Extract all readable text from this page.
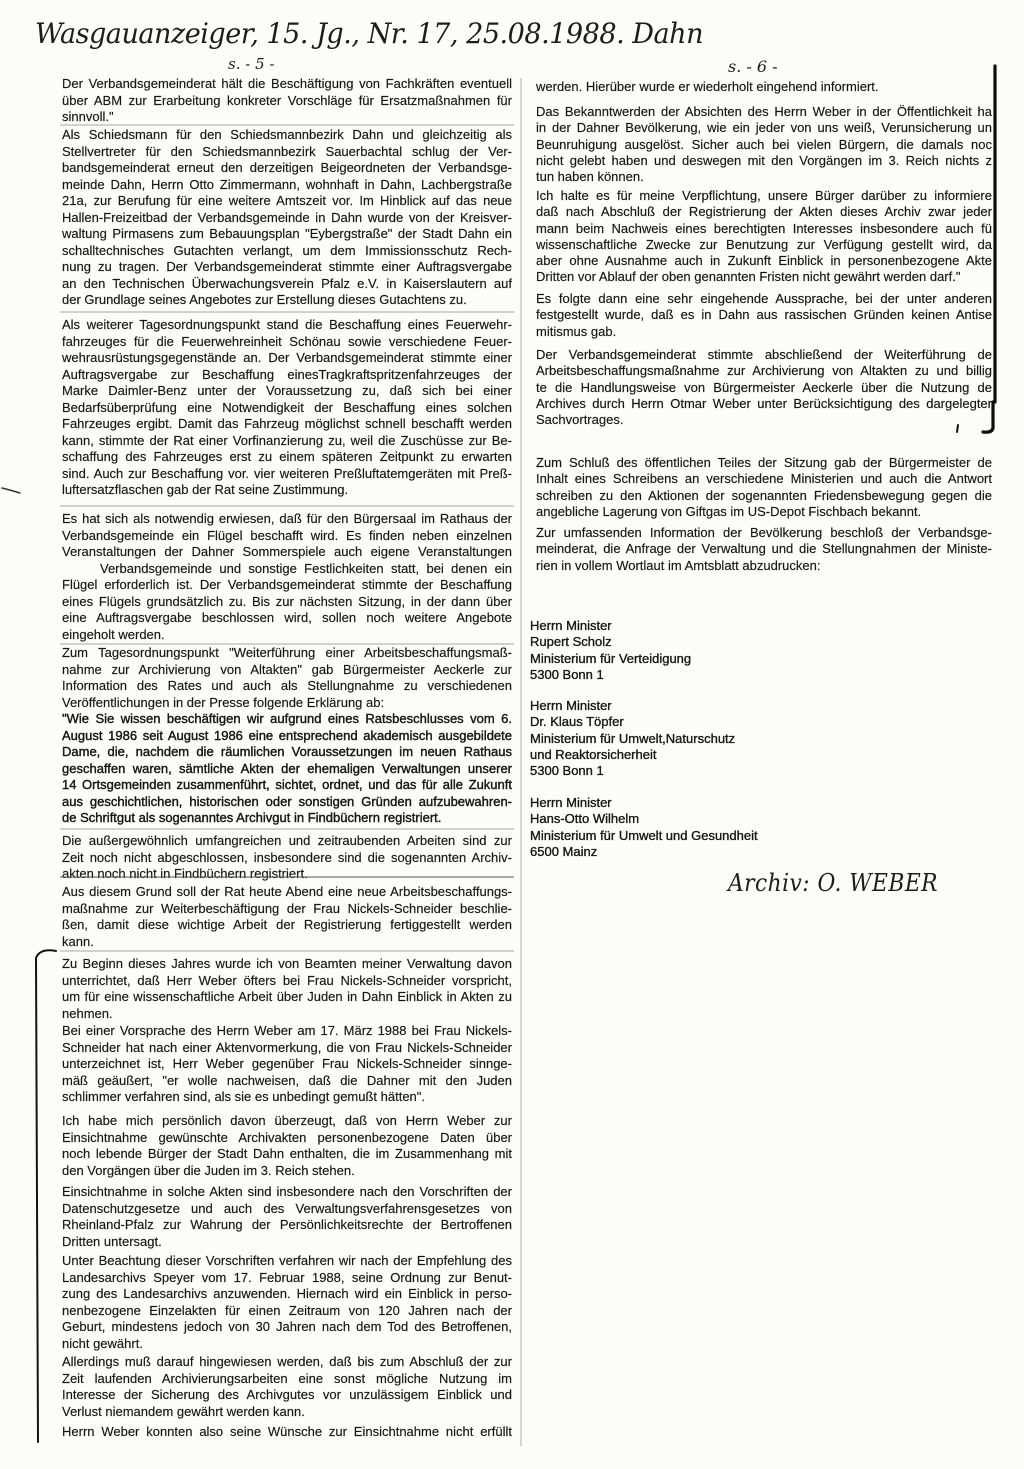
Wasgauanzeiger, 15. Jg., Nr. 17, 25.08.1988. Dahn
s. - 5 -	s. - 6 -
Der Verbandsgemeinderat hält die Beschäftigung von Fachkräften eventuell
über ABM zur Erarbeitung konkreter Vorschläge für Ersatzmaßnahmen für
sinnvoll."
Als Schiedsmann für den Schiedsmannbezirk Dahn und gleichzeitig als
Stellvertreter für den Schiedsmannbezirk Sauerbachtal schlug der Ver-
bandsgemeinderat erneut den derzeitigen Beigeordneten der Verbandsge-
meinde Dahn, Herrn Otto Zimmermann, wohnhaft in Dahn, Lachbergstraße
21a, zur Berufung für eine weitere Amtszeit vor. Im Hinblick auf das neue
Hallen-Freizeitbad der Verbandsgemeinde in Dahn wurde von der Kreisver-
waltung Pirmasens zum Bebauungsplan "Eybergstraße" der Stadt Dahn ein
schalltechnisches Gutachten verlangt, um dem Immissionsschutz Rech-
nung zu tragen. Der Verbandsgemeinderat stimmte einer Auftragsvergabe
an den Technischen Überwachungsverein Pfalz e.V. in Kaiserslautern auf
der Grundlage seines Angebotes zur Erstellung dieses Gutachtens zu.
Als weiterer Tagesordnungspunkt stand die Beschaffung eines Feuerwehr-
fahrzeuges für die Feuerwehreinheit Schönau sowie verschiedene Feuer-
wehrausrüstungsgegenstände an. Der Verbandsgemeinderat stimmte einer
Auftragsvergabe zur Beschaffung einesTragkraftspritzenfahrzeuges der
Marke Daimler-Benz unter der Voraussetzung zu, daß sich bei einer
Bedarfsüberprüfung eine Notwendigkeit der Beschaffung eines solchen
Fahrzeuges ergibt. Damit das Fahrzeug möglichst schnell beschafft werden
kann, stimmte der Rat einer Vorfinanzierung zu, weil die Zuschüsse zur Be-
schaffung des Fahrzeuges erst zu einem späteren Zeitpunkt zu erwarten
sind. Auch zur Beschaffung vor. vier weiteren Preßluftatemgeräten mit Preß-
luftersatzflaschen gab der Rat seine Zustimmung.
Es hat sich als notwendig erwiesen, daß für den Bürgersaal im Rathaus der
Verbandsgemeinde ein Flügel beschafft wird. Es finden neben einzelnen
Veranstaltungen der Dahner Sommerspiele auch eigene Veranstaltungen
Verbandsgemeinde und sonstige Festlichkeiten statt, bei denen ein
Flügel erforderlich ist. Der Verbandsgemeinderat stimmte der Beschaffung
eines Flügels grundsätzlich zu. Bis zur nächsten Sitzung, in der dann über
eine Auftragsvergabe beschlossen wird, sollen noch weitere Angebote
eingeholt werden.
Zum Tagesordnungspunkt "Weiterführung einer Arbeitsbeschaffungsmaß-
nahme zur Archivierung von Altakten" gab Bürgermeister Aeckerle zur
Information des Rates und auch als Stellungnahme zu verschiedenen
Veröffentlichungen in der Presse folgende Erklärung ab:
"Wie Sie wissen beschäftigen wir aufgrund eines Ratsbeschlusses vom 6.
August 1986 seit August 1986 eine entsprechend akademisch ausgebildete
Dame, die, nachdem die räumlichen Voraussetzungen im neuen Rathaus
geschaffen waren, sämtliche Akten der ehemaligen Verwaltungen unserer
14 Ortsgemeinden zusammenführt, sichtet, ordnet, und das für alle Zukunft
aus geschichtlichen, historischen oder sonstigen Gründen aufzubewahren-
de Schriftgut als sogenanntes Archivgut in Findbüchern registriert.
Die außergewöhnlich umfangreichen und zeitraubenden Arbeiten sind zur
Zeit noch nicht abgeschlossen, insbesondere sind die sogenannten Archiv-
akten noch nicht in Findbüchern registriert.
Aus diesem Grund soll der Rat heute Abend eine neue Arbeitsbeschaffungs-
maßnahme zur Weiterbeschäftigung der Frau Nickels-Schneider beschlie-
ßen, damit diese wichtige Arbeit der Registrierung fertiggestellt werden
kann.
Zu Beginn dieses Jahres wurde ich von Beamten meiner Verwaltung davon
unterrichtet, daß Herr Weber öfters bei Frau Nickels-Schneider vorspricht,
um für eine wissenschaftliche Arbeit über Juden in Dahn Einblick in Akten zu
nehmen.
Bei einer Vorsprache des Herrn Weber am 17. März 1988 bei Frau Nickels-
Schneider hat nach einer Aktenvormerkung, die von Frau Nickels-Schneider
unterzeichnet ist, Herr Weber gegenüber Frau Nickels-Schneider sinnge-
mäß geäußert, "er wolle nachweisen, daß die Dahner mit den Juden
schlimmer verfahren sind, als sie es unbedingt gemußt hätten".
Ich habe mich persönlich davon überzeugt, daß von Herrn Weber zur
Einsichtnahme gewünschte Archivakten personenbezogene Daten über
noch lebende Bürger der Stadt Dahn enthalten, die im Zusammenhang mit
den Vorgängen über die Juden im 3. Reich stehen.
Einsichtnahme in solche Akten sind insbesondere nach den Vorschriften der
Datenschutzgesetze und auch des Verwaltungsverfahrensgesetzes von
Rheinland-Pfalz zur Wahrung der Persönlichkeitsrechte der Bertroffenen
Dritten untersagt.
Unter Beachtung dieser Vorschriften verfahren wir nach der Empfehlung des
Landesarchivs Speyer vom 17. Februar 1988, seine Ordnung zur Benut-
zung des Landesarchivs anzuwenden. Hiernach wird ein Einblick in perso-
nenbezogene Einzelakten für einen Zeitraum von 120 Jahren nach der
Geburt, mindestens jedoch von 30 Jahren nach dem Tod des Betroffenen,
nicht gewährt.
Allerdings muß darauf hingewiesen werden, daß bis zum Abschluß der zur
Zeit laufenden Archivierungsarbeiten eine sonst mögliche Nutzung im
Interesse der Sicherung des Archivgutes vor unzulässigem Einblick und
Verlust niemandem gewährt werden kann.
Herrn Weber konnten also seine Wünsche zur Einsichtnahme nicht erfüllt
werden. Hierüber wurde er wiederholt eingehend informiert.
Das Bekanntwerden der Absichten des Herrn Weber in der Öffentlichkeit ha
in der Dahner Bevölkerung, wie ein jeder von uns weiß, Verunsicherung un
Beunruhigung ausgelöst. Sicher auch bei vielen Bürgern, die damals noc
nicht gelebt haben und deswegen mit den Vorgängen im 3. Reich nichts z
tun haben können.
Ich halte es für meine Verpflichtung, unsere Bürger darüber zu informiere
daß nach Abschluß der Registrierung der Akten dieses Archiv zwar jeder
mann beim Nachweis eines berechtigten Interesses insbesondere auch fü
wissenschaftliche Zwecke zur Benutzung zur Verfügung gestellt wird, da
aber ohne Ausnahme auch in Zukunft Einblick in personenbezogene Akte
Dritten vor Ablauf der oben genannten Fristen nicht gewährt werden darf."
Es folgte dann eine sehr eingehende Aussprache, bei der unter anderen
festgestellt wurde, daß es in Dahn aus rassischen Gründen keinen Antise
mitismus gab.
Der Verbandsgemeinderat stimmte abschließend der Weiterführung de
Arbeitsbeschaffungsmaßnahme zur Archivierung von Altakten zu und billig
te die Handlungsweise von Bürgermeister Aeckerle über die Nutzung de
Archives durch Herrn Otmar Weber unter Berücksichtigung des dargelegter
Sachvortrages.
Zum Schluß des öffentlichen Teiles der Sitzung gab der Bürgermeister de
Inhalt eines Schreibens an verschiedene Ministerien und auch die Antwort
schreiben zu den Aktionen der sogenannten Friedensbewegung gegen die
angebliche Lagerung von Giftgas im US-Depot Fischbach bekannt.
Zur umfassenden Information der Bevölkerung beschloß der Verbandsge-
meinderat, die Anfrage der Verwaltung und die Stellungnahmen der Ministe-
rien in vollem Wortlaut im Amtsblatt abzudrucken:
Herrn Minister
Rupert Scholz
Ministerium für Verteidigung
5300 Bonn 1
Herrn Minister
Dr. Klaus Töpfer
Ministerium für Umwelt,Naturschutz
und Reaktorsicherheit
5300 Bonn 1
Herrn Minister
Hans-Otto Wilhelm
Ministerium für Umwelt und Gesundheit
6500 Mainz
Archiv: O. WEBER
